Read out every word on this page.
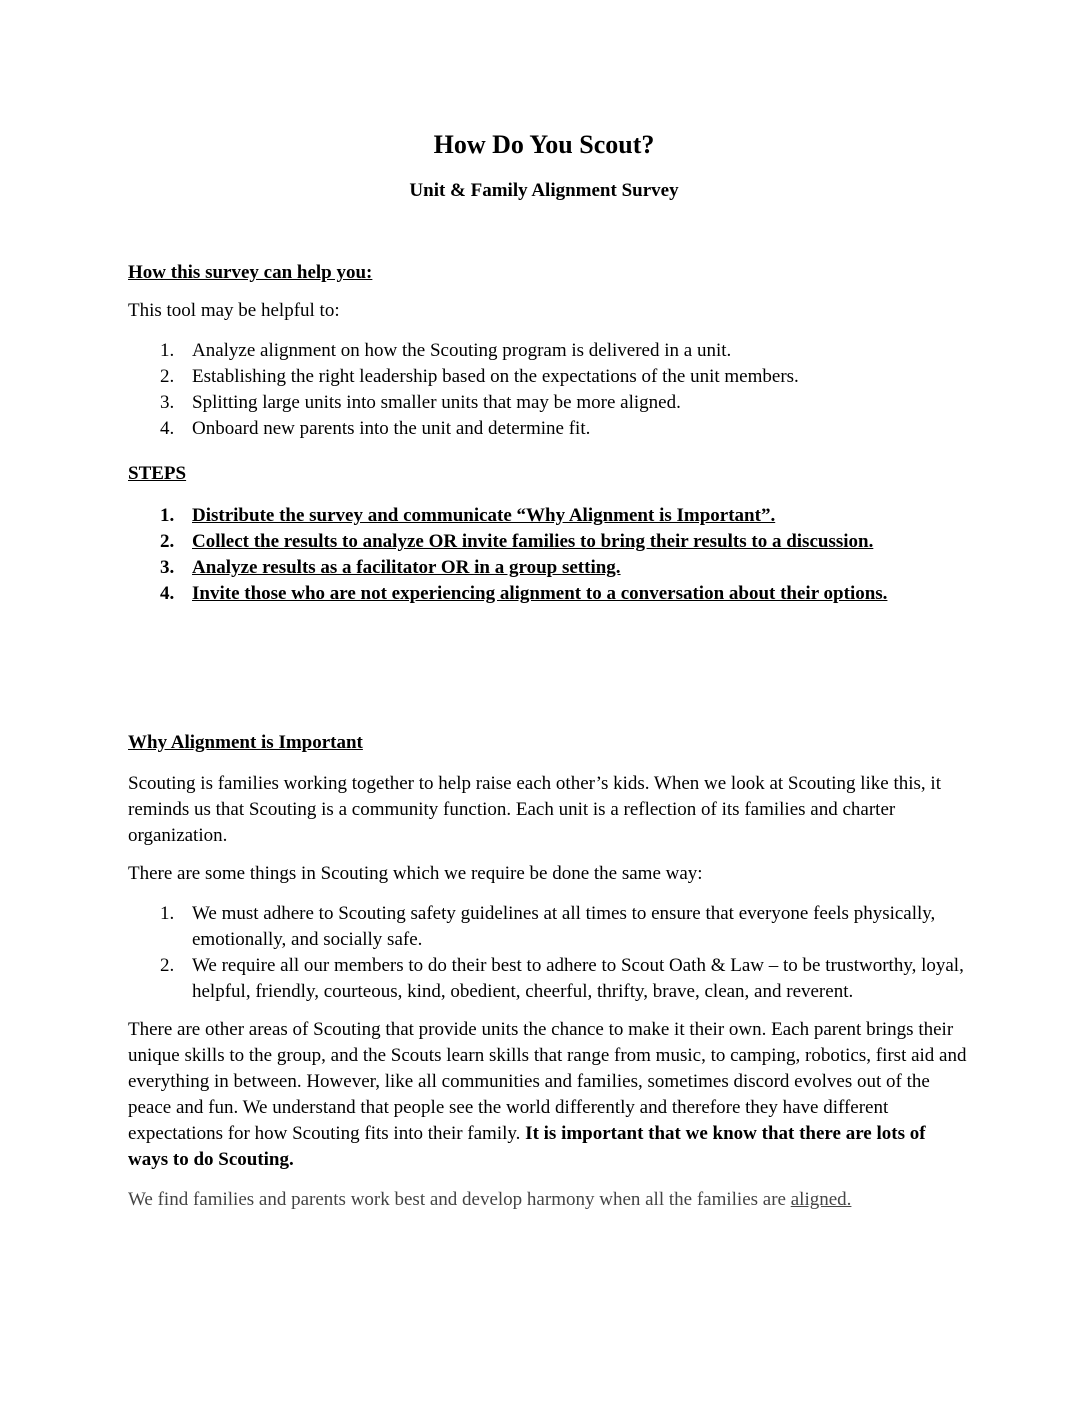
How Do You Scout?
Unit & Family Alignment Survey
How this survey can help you:

This tool may be helpful to:

1. Analyze alignment on how the Scouting program is delivered in a unit.
2. Establishing the right leadership based on the expectations of the unit members.
3. Splitting large units into smaller units that may be more aligned.
4. Onboard new parents into the unit and determine fit.
STEPS
1. Distribute the survey and communicate “Why Alignment is Important”.
2. Collect the results to analyze OR invite families to bring their results to a discussion.
3. Analyze results as a facilitator OR in a group setting.
4. Invite those who are not experiencing alignment to a conversation about their options.
Why Alignment is Important

Scouting is families working together to help raise each other’s kids. When we look at Scouting like this, it reminds us that Scouting is a community function. Each unit is a reflection of its families and charter organization.

There are some things in Scouting which we require be done the same way:

1. We must adhere to Scouting safety guidelines at all times to ensure that everyone feels physically, emotionally, and socially safe.
2. We require all our members to do their best to adhere to Scout Oath & Law – to be trustworthy, loyal, helpful, friendly, courteous, kind, obedient, cheerful, thrifty, brave, clean, and reverent.

There are other areas of Scouting that provide units the chance to make it their own. Each parent brings their unique skills to the group, and the Scouts learn skills that range from music, to camping, robotics, first aid and everything in between. However, like all communities and families, sometimes discord evolves out of the peace and fun. We understand that people see the world differently and therefore they have different expectations for how Scouting fits into their family. It is important that we know that there are lots of ways to do Scouting.

We find families and parents work best and develop harmony when all the families are aligned.
